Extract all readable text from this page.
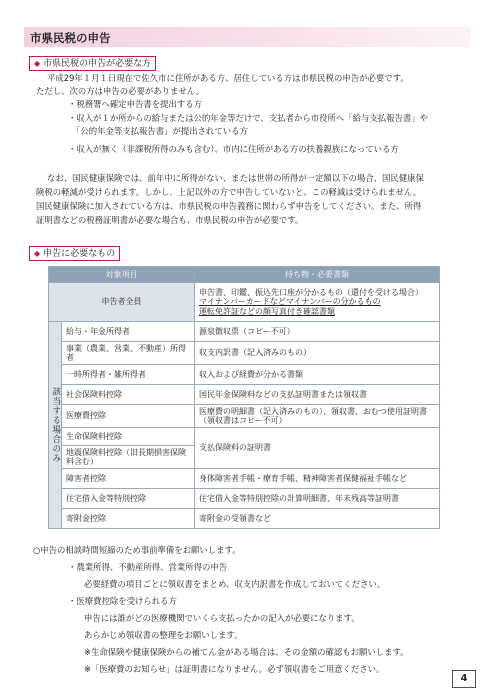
市県民税の申告
◆ 市県民税の申告が必要な方
平成29年１月１日現在で佐久市に住所がある方、居住している方は市県民税の申告が必要です。
ただし、次の方は申告の必要がありません。
・税務署へ確定申告書を提出する方
・収入が１か所からの給与または公的年金等だけで、支払者から市役所へ「給与支払報告書」や
「公的年金等支払報告書」が提出されている方
・収入が無く（非課税所得のみも含む）、市内に住所がある方の扶養親族になっている方
なお、国民健康保険では、前年中に所得がない、または世帯の所得が一定額以下の場合、国民健康保
険税の軽減が受けられます。しかし、上記以外の方で申告していないと、この軽減は受けられません。
国民健康保険に加入されている方は、市県民税の申告義務に関わらず申告をしてください。また、所得
証明書などの税務証明書が必要な場合も、市県民税の申告が必要です。
◆ 申告に必要なもの
対象項目		持ち物・必要書類
申告者全員		申告書、印鑑、振込先口座が分かるもの（還付を受ける場合）
マイナンバーカードなどマイナンバーの分かるもの
運転免許証などの顔写真付き確認書類

該当する場合のみ	給与・年金所得者	源泉徴収票（コピー不可）
	事業（農業、営業、不動産）所得者	収支内訳書（記入済みのもの）
	一時所得者・雑所得者	収入および経費が分かる書類
	社会保険料控除	国民年金保険料などの支払証明書または領収書
	医療費控除	医療費の明細書（記入済みのもの）、領収書、おむつ使用証明書　（領収書はコピー不可）
	生命保険料控除	支払保険料の証明書
	地震保険料控除（旧長期損害保険料含む）	
	障害者控除	身体障害者手帳・療育手帳、精神障害者保健福祉手帳など
	住宅借入金等特別控除	住宅借入金等特別控除の計算明細書、年末残高等証明書
	寄附金控除	寄附金の受領書など
○申告の相談時間短縮のため事前準備をお願いします。
・農業所得、不動産所得、営業所得の申告
必要経費の項目ごとに領収書をまとめ、収支内訳書を作成しておいてください。
・医療費控除を受けられる方
申告には誰がどの医療機関でいくら支払ったかの記入が必要になります。
あらかじめ領収書の整理をお願いします。
※生命保険や健康保険からの補てん金がある場合は、その金額の確認もお願いします。
※「医療費のお知らせ」は証明書になりません。必ず領収書をご用意ください。
4
